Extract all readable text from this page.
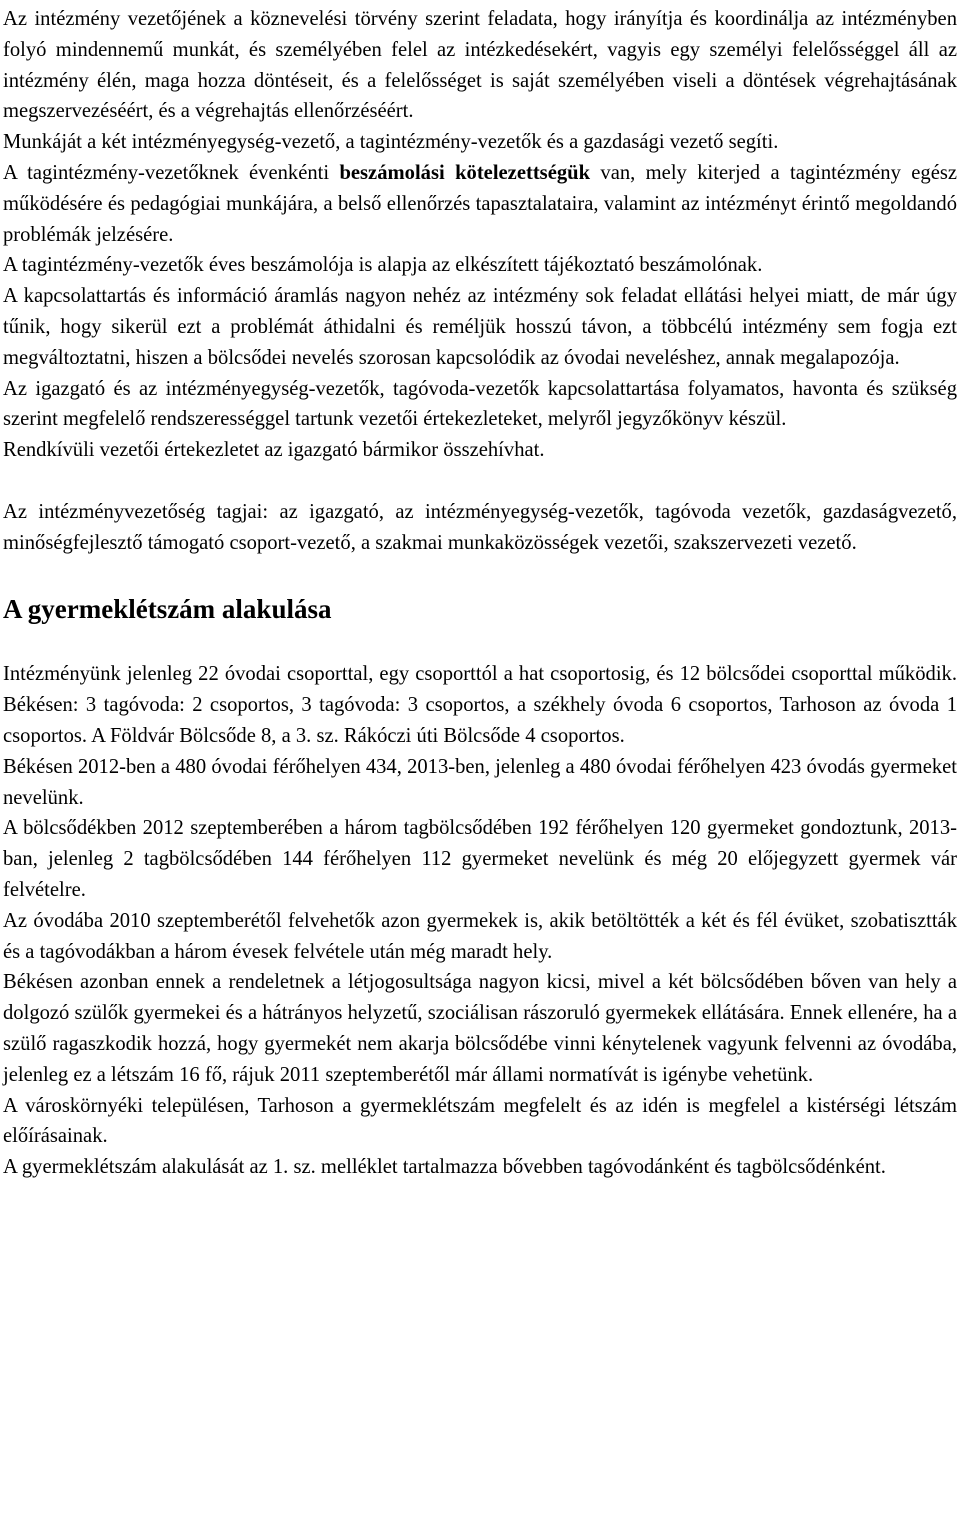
Az intézmény vezetőjének a köznevelési törvény szerint feladata, hogy irányítja és koordinálja az intézményben folyó mindennemű munkát, és személyében felel az intézkedésekért, vagyis egy személyi felelősséggel áll az intézmény élén, maga hozza döntéseit, és a felelősséget is saját személyében viseli a döntések végrehajtásának megszervezéséért, és a végrehajtás ellenőrzéséért.

Munkáját a két intézményegység-vezető, a tagintézmény-vezetők és a gazdasági vezető segíti.

A tagintézmény-vezetőknek évenkénti beszámolási kötelezettségük van, mely kiterjed a tagintézmény egész működésére és pedagógiai munkájára, a belső ellenőrzés tapasztalataira, valamint az intézményt érintő megoldandó problémák jelzésére.

A tagintézmény-vezetők éves beszámolója is alapja az elkészített tájékoztató beszámolónak.

A kapcsolattartás és információ áramlás nagyon nehéz az intézmény sok feladat ellátási helyei miatt, de már úgy tűnik, hogy sikerül ezt a problémát áthidalni és reméljük hosszú távon, a többcélú intézmény sem fogja ezt megváltoztatni, hiszen a bölcsődei nevelés szorosan kapcsolódik az óvodai neveléshez, annak megalapozója.

Az igazgató és az intézményegység-vezetők, tagóvoda-vezetők kapcsolattartása folyamatos, havonta és szükség szerint megfelelő rendszerességgel tartunk vezetői értekezleteket, melyről jegyzőkönyv készül.

Rendkívüli vezetői értekezletet az igazgató bármikor összehívhat.

Az intézményvezetőség tagjai: az igazgató, az intézményegység-vezetők, tagóvoda vezetők, gazdaságvezető, minőségfejlesztő támogató csoport-vezető, a szakmai munkaközösségek vezetői, szakszervezeti vezető.

A gyermeklétszám alakulása

Intézményünk jelenleg 22 óvodai csoporttal, egy csoporttól a hat csoportosig, és 12 bölcsődei csoporttal működik. Békésen: 3 tagóvoda: 2 csoportos, 3 tagóvoda: 3 csoportos, a székhely óvoda 6 csoportos, Tarhoson az óvoda 1 csoportos. A Földvár Bölcsőde 8, a 3. sz. Rákóczi úti Bölcsőde 4 csoportos.

Békésen 2012-ben a 480 óvodai férőhelyen 434, 2013-ben, jelenleg a 480 óvodai férőhelyen 423 óvodás gyermeket nevelünk.

A bölcsődékben 2012 szeptemberében a három tagbölcsődében 192 férőhelyen 120 gyermeket gondoztunk, 2013-ban, jelenleg 2 tagbölcsődében 144 férőhelyen 112 gyermeket nevelünk és még 20 előjegyzett gyermek vár felvételre.

Az óvodába 2010 szeptemberétől felvehetők azon gyermekek is, akik betöltötték a két és fél évüket, szobatisztták és a tagóvodákban a három évesek felvétele után még maradt hely.

Békésen azonban ennek a rendeletnek a létjogosultsága nagyon kicsi, mivel a két bölcsődében bőven van hely a dolgozó szülők gyermekei és a hátrányos helyzetű, szociálisan rászoruló gyermekek ellátására. Ennek ellenére, ha a szülő ragaszkodik hozzá, hogy gyermekét nem akarja bölcsődébe vinni kénytelenek vagyunk felvenni az óvodába, jelenleg ez a létszám 16 fő, rájuk 2011 szeptemberétől már állami normatívát is igénybe vehetünk.

A városkörnyéki településen, Tarhoson a gyermeklétszám megfelelt és az idén is megfelel a kistérségi létszám előírásainak.

A gyermeklétszám alakulását az 1. sz. melléklet tartalmazza bővebben tagóvodánként és tagbölcsődénként.
